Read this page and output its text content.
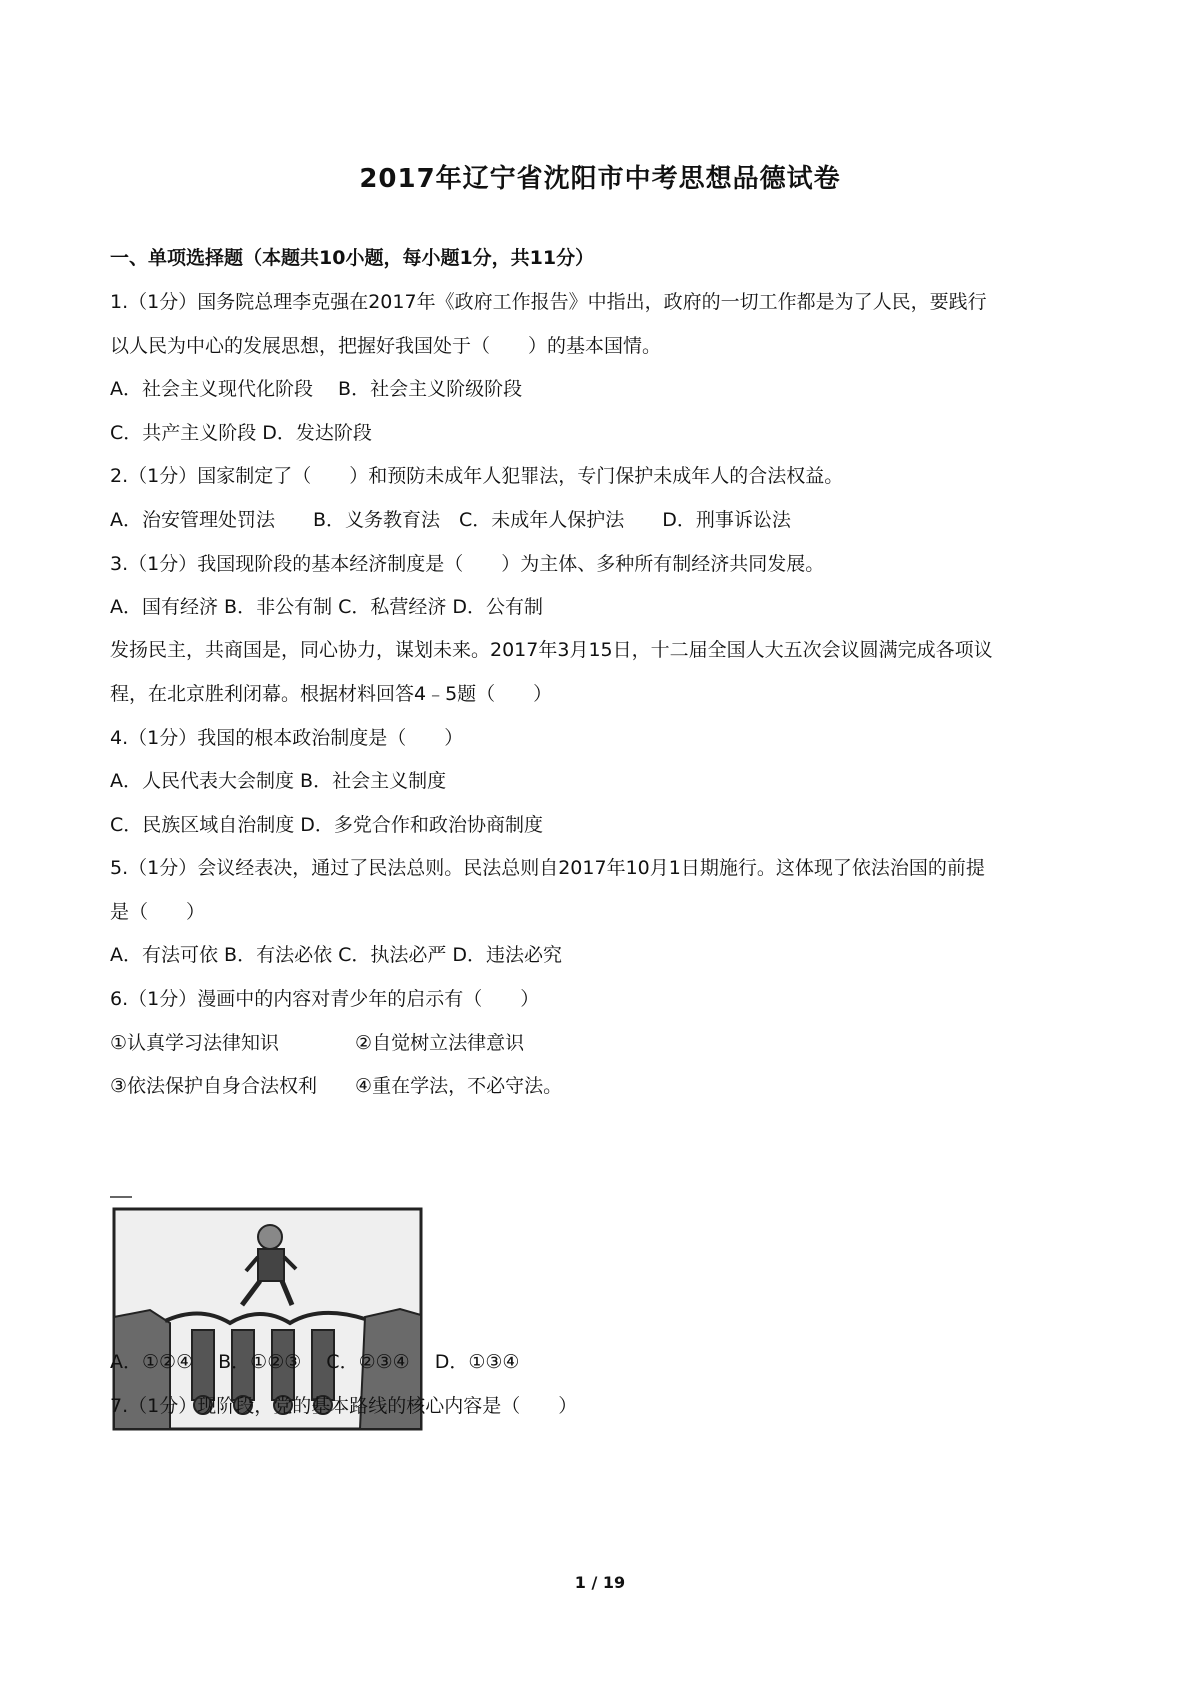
2017年辽宁省沈阳市中考思想品德试卷
一、单项选择题（本题共10小题，每小题1分，共11分）
1.（1分）国务院总理李克强在2017年《政府工作报告》中指出，政府的一切工作都是为了人民，要践行
以人民为中心的发展思想，把握好我国处于（　　）的基本国情。
A．社会主义现代化阶段　 B．社会主义阶级阶段
C．共产主义阶段 D．发达阶段
2.（1分）国家制定了（　　）和预防未成年人犯罪法，专门保护未成年人的合法权益。
A．治安管理处罚法　　B．义务教育法　C．未成年人保护法　　D．刑事诉讼法
3.（1分）我国现阶段的基本经济制度是（　　）为主体、多种所有制经济共同发展。
A．国有经济 B．非公有制 C．私营经济 D．公有制
发扬民主，共商国是，同心协力，谋划未来。2017年3月15日，十二届全国人大五次会议圆满完成各项议
程，在北京胜利闭幕。根据材料回答4﹣5题（　　）
4.（1分）我国的根本政治制度是（　　）
A．人民代表大会制度 B．社会主义制度
C．民族区域自治制度 D．多党合作和政治协商制度
5.（1分）会议经表决，通过了民法总则。民法总则自2017年10月1日期施行。这体现了依法治国的前提
是（　　）
A．有法可依 B．有法必依 C．执法必严 D．违法必究
6.（1分）漫画中的内容对青少年的启示有（　　）
①认真学习法律知识　　　　②自觉树立法律意识
③依法保护自身合法权利　　④重在学法，不必守法。
A．①②④　 B．①②③　 C．②③④　 D．①③④
7.（1分）现阶段，党的基本路线的核心内容是（　　）
1 / 19
